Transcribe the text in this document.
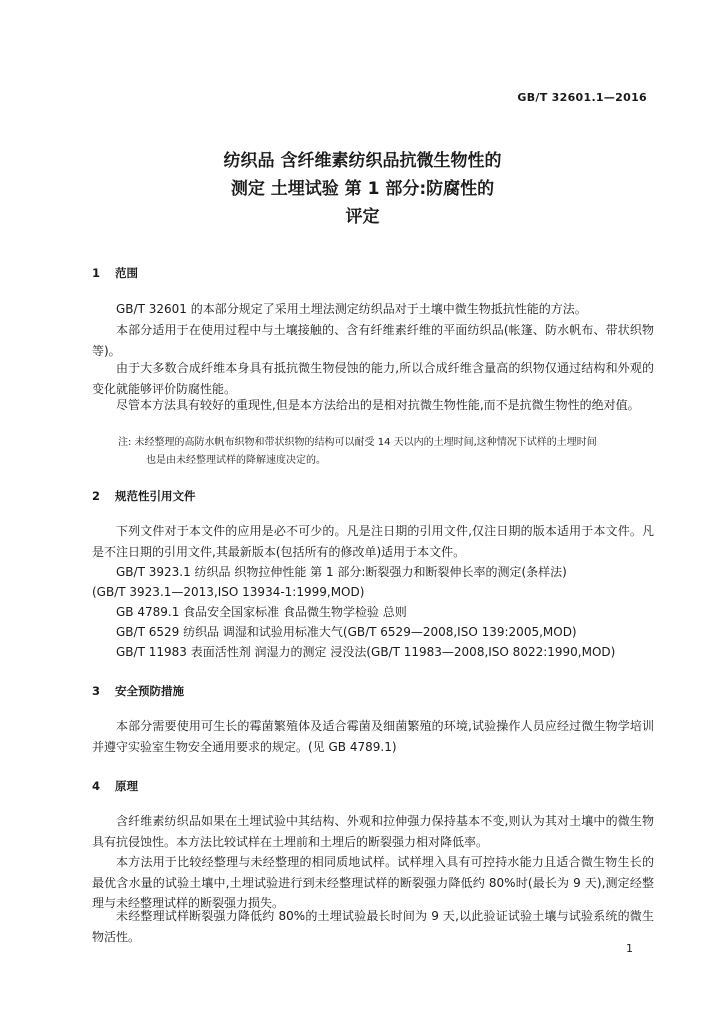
GB/T 32601.1—2016
纺织品 含纤维素纺织品抗微生物性的
测定 土埋试验 第 1 部分:防腐性的
评定
1 范围
GB/T 32601 的本部分规定了采用土埋法测定纺织品对于土壤中微生物抵抗性能的方法。
本部分适用于在使用过程中与土壤接触的、含有纤维素纤维的平面纺织品(帐篷、防水帆布、带状织物等)。
由于大多数合成纤维本身具有抵抗微生物侵蚀的能力,所以合成纤维含量高的织物仅通过结构和外观的变化就能够评价防腐性能。
尽管本方法具有较好的重现性,但是本方法给出的是相对抗微生物性能,而不是抗微生物性的绝对值。
注: 未经整理的高防水帆布织物和带状织物的结构可以耐受 14 天以内的土埋时间,这种情况下试样的土埋时间
也是由未经整理试样的降解速度决定的。
2 规范性引用文件
下列文件对于本文件的应用是必不可少的。凡是注日期的引用文件,仅注日期的版本适用于本文件。凡是不注日期的引用文件,其最新版本(包括所有的修改单)适用于本文件。
GB/T 3923.1 纺织品 织物拉伸性能 第 1 部分:断裂强力和断裂伸长率的测定(条样法)
(GB/T 3923.1—2013,ISO 13934-1:1999,MOD)
GB 4789.1 食品安全国家标准 食品微生物学检验 总则
GB/T 6529 纺织品 调湿和试验用标准大气(GB/T 6529—2008,ISO 139:2005,MOD)
GB/T 11983 表面活性剂 润湿力的测定 浸没法(GB/T 11983—2008,ISO 8022:1990,MOD)
3 安全预防措施
本部分需要使用可生长的霉菌繁殖体及适合霉菌及细菌繁殖的环境,试验操作人员应经过微生物学培训并遵守实验室生物安全通用要求的规定。(见 GB 4789.1)
4 原理
含纤维素纺织品如果在土埋试验中其结构、外观和拉伸强力保持基本不变,则认为其对土壤中的微生物具有抗侵蚀性。本方法比较试样在土埋前和土埋后的断裂强力相对降低率。
本方法用于比较经整理与未经整理的相同质地试样。试样埋入具有可控持水能力且适合微生物生长的最优含水量的试验土壤中,土埋试验进行到未经整理试样的断裂强力降低约 80%时(最长为 9 天),测定经整理与未经整理试样的断裂强力损失。
未经整理试样断裂强力降低约 80%的土埋试验最长时间为 9 天,以此验证试验土壤与试验系统的微生物活性。
1
